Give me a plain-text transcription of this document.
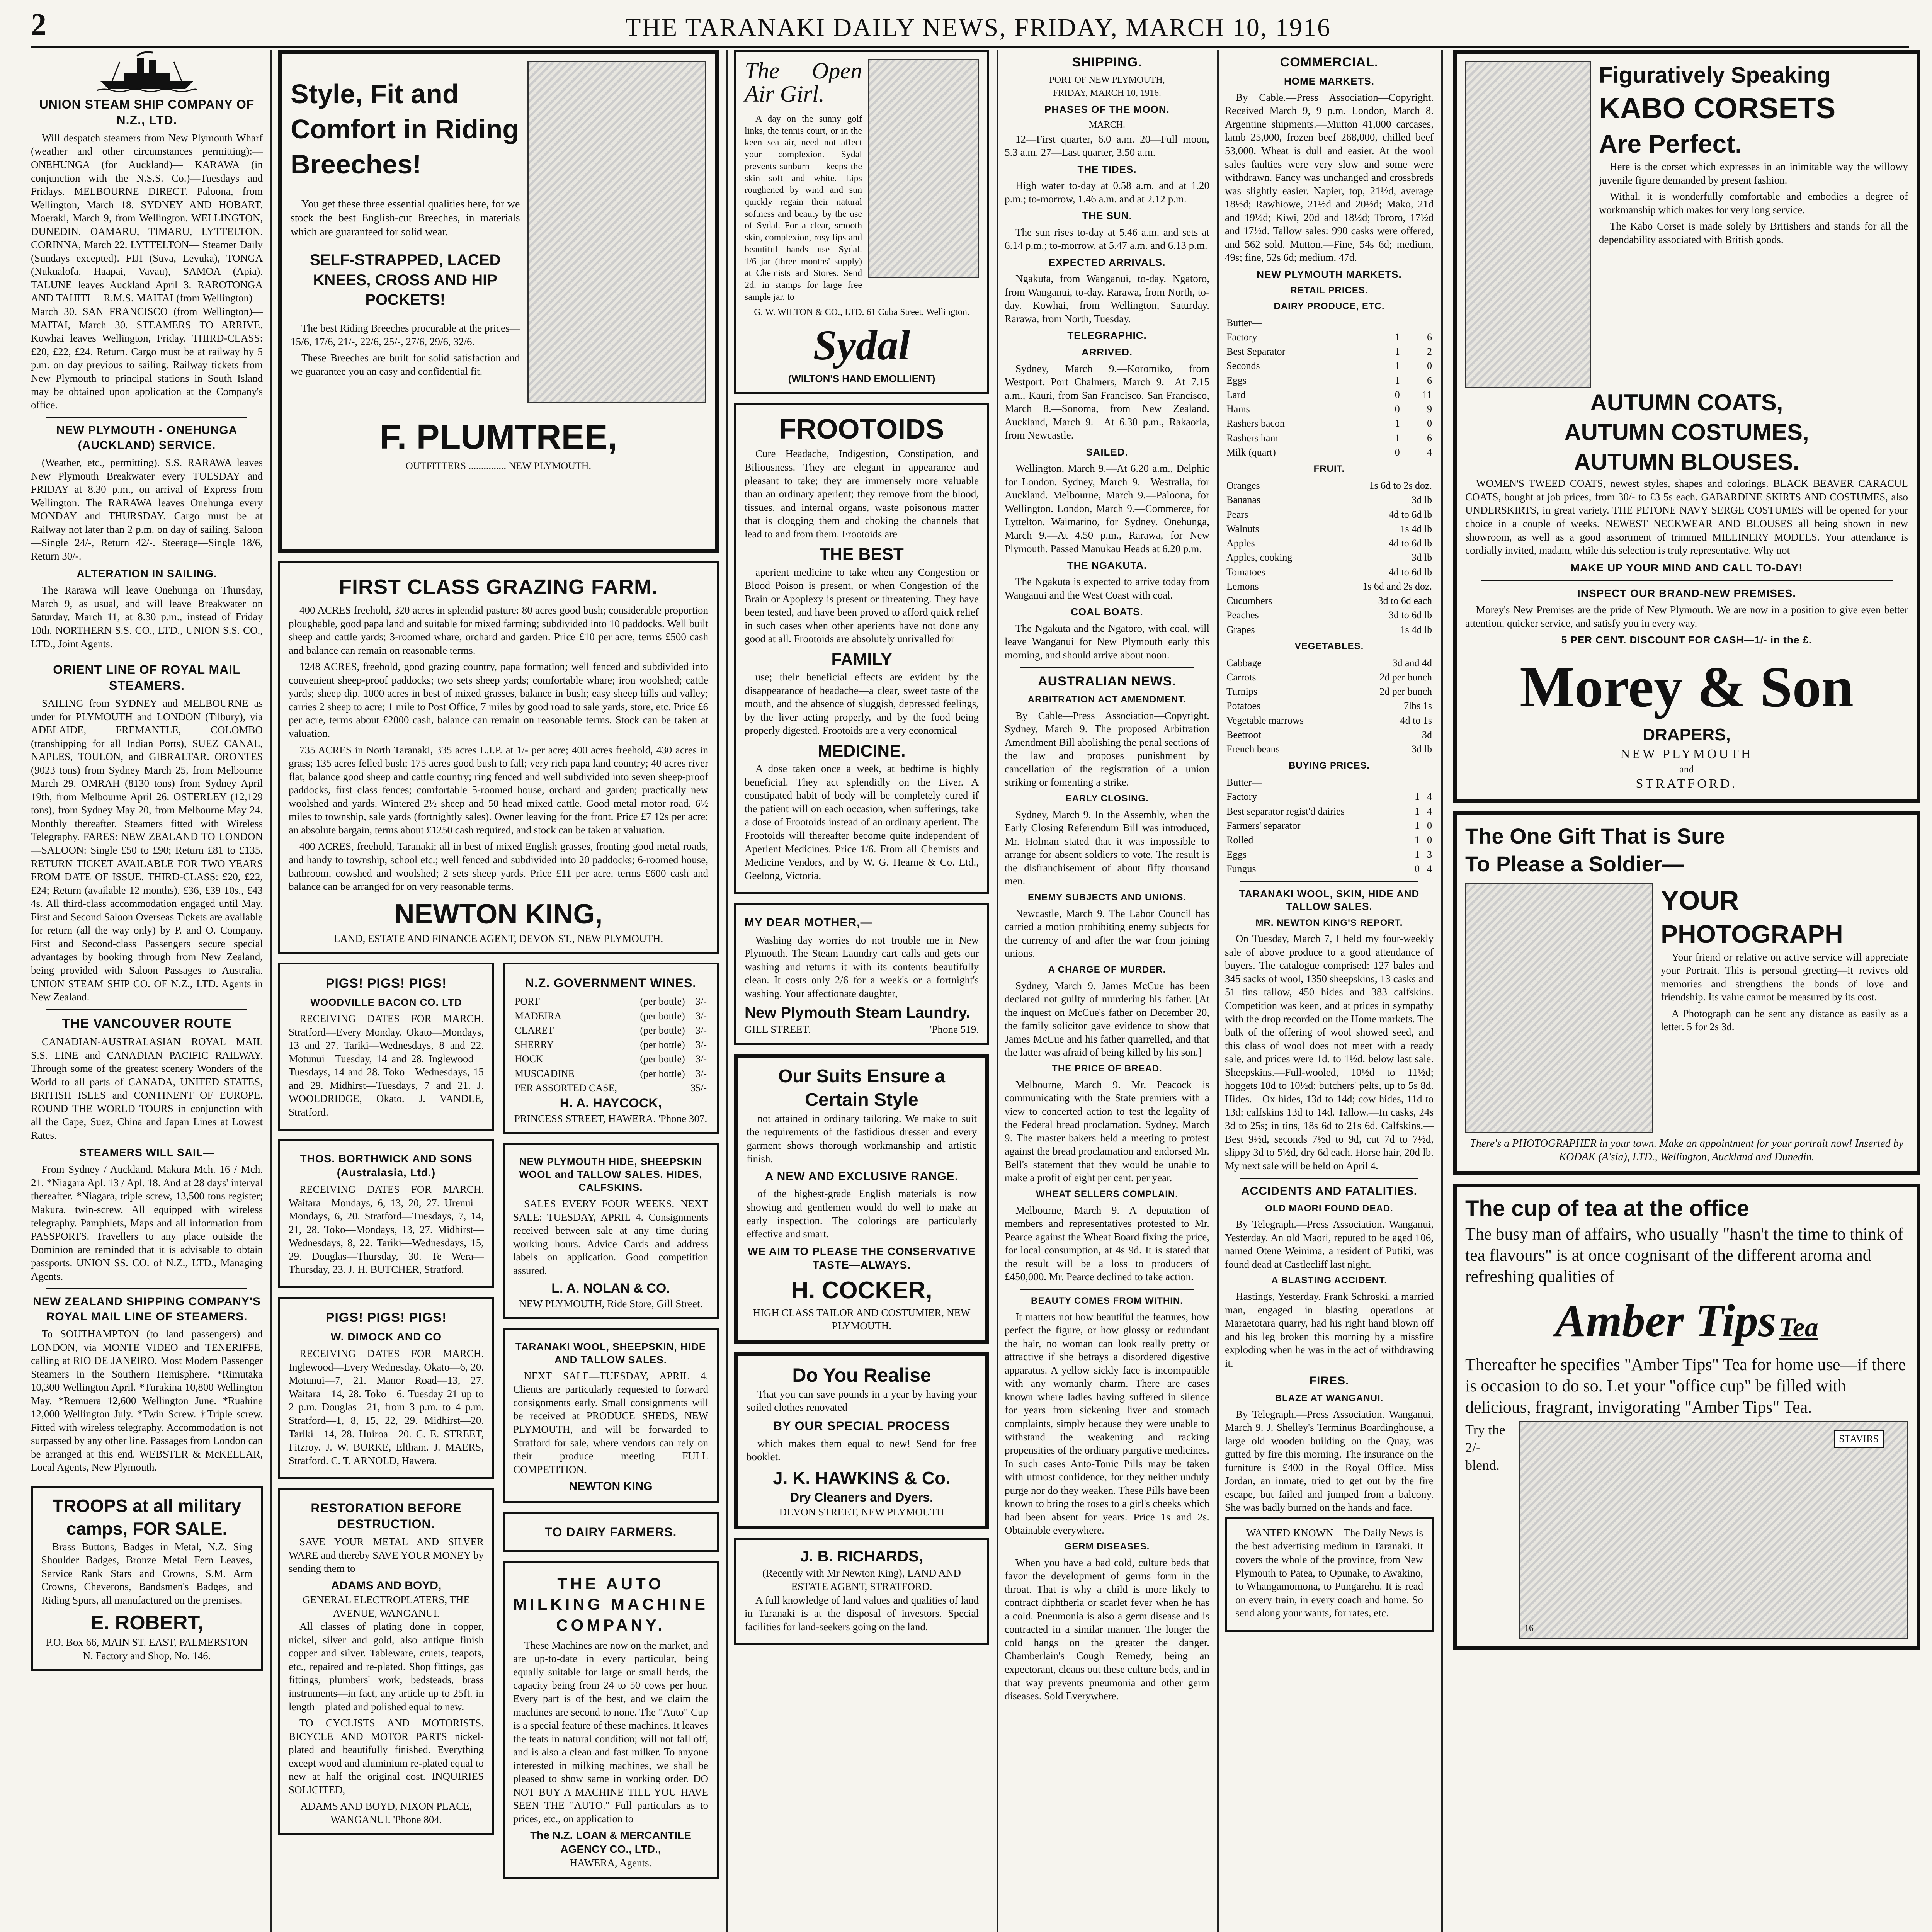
2	THE TARANAKI DAILY NEWS, FRIDAY, MARCH 10, 1916
UNION STEAM SHIP COMPANY OF N.Z., LTD.

Will despatch steamers from New Plymouth Wharf (weather and other circumstances permitting):— ONEHUNGA (for Auckland)— KARAWA (in conjunction with the N.S.S. Co.)—Tuesdays and Fridays. MELBOURNE DIRECT. Paloona, from Wellington, March 18. SYDNEY AND HOBART. Moeraki, March 9, from Wellington. WELLINGTON, DUNEDIN, OAMARU, TIMARU, LYTTELTON. CORINNA, March 22. LYTTELTON— Steamer Daily (Sundays excepted). FIJI (Suva, Levuka), TONGA (Nukualofa, Haapai, Vavau), SAMOA (Apia). TALUNE leaves Auckland April 3. RAROTONGA AND TAHITI— R.M.S. MAITAI (from Wellington)—March 30. SAN FRANCISCO (from Wellington)—MAITAI, March 30. STEAMERS TO ARRIVE. Kowhai leaves Wellington, Friday. THIRD-CLASS: £20, £22, £24. Return. Cargo must be at railway by 5 p.m. on day previous to sailing. Railway tickets from New Plymouth to principal stations in South Island may be obtained upon application at the Company's office.

NEW PLYMOUTH - ONEHUNGA (AUCKLAND) SERVICE.

(Weather, etc., permitting). S.S. RARAWA leaves New Plymouth Breakwater every TUESDAY and FRIDAY at 8.30 p.m., on arrival of Express from Wellington. The RARAWA leaves Onehunga every MONDAY and THURSDAY. Cargo must be at Railway not later than 2 p.m. on day of sailing. Saloon—Single 24/-, Return 42/-. Steerage—Single 18/6, Return 30/-.

ALTERATION IN SAILING.

The Rarawa will leave Onehunga on Thursday, March 9, as usual, and will leave Breakwater on Saturday, March 11, at 8.30 p.m., instead of Friday 10th. NORTHERN S.S. CO., LTD., UNION S.S. CO., LTD., Joint Agents.

ORIENT LINE OF ROYAL MAIL STEAMERS.

SAILING from SYDNEY and MELBOURNE as under for PLYMOUTH and LONDON (Tilbury), via ADELAIDE, FREMANTLE, COLOMBO (transhipping for all Indian Ports), SUEZ CANAL, NAPLES, TOULON, and GIBRALTAR. ORONTES (9023 tons) from Sydney March 25, from Melbourne March 29. OMRAH (8130 tons) from Sydney April 19th, from Melbourne April 26. OSTERLEY (12,129 tons), from Sydney May 20, from Melbourne May 24. Monthly thereafter. Steamers fitted with Wireless Telegraphy. FARES: NEW ZEALAND TO LONDON—SALOON: Single £50 to £90; Return £81 to £135. RETURN TICKET AVAILABLE FOR TWO YEARS FROM DATE OF ISSUE. THIRD-CLASS: £20, £22, £24; Return (available 12 months), £36, £39 10s., £43 4s. All third-class accommodation engaged until May. First and Second Saloon Overseas Tickets are available for return (all the way only) by P. and O. Company. First and Second-class Passengers secure special advantages by booking through from New Zealand, being provided with Saloon Passages to Australia. UNION STEAM SHIP CO. OF N.Z., LTD. Agents in New Zealand.

THE VANCOUVER ROUTE

CANADIAN-AUSTRALASIAN ROYAL MAIL S.S. LINE and CANADIAN PACIFIC RAILWAY. Through some of the greatest scenery Wonders of the World to all parts of CANADA, UNITED STATES, BRITISH ISLES and CONTINENT OF EUROPE. ROUND THE WORLD TOURS in conjunction with all the Cape, Suez, China and Japan Lines at Lowest Rates.

STEAMERS WILL SAIL—

From Sydney / Auckland. Makura Mch. 16 / Mch. 21. *Niagara Apl. 13 / Apl. 18. And at 28 days' interval thereafter. *Niagara, triple screw, 13,500 tons register; Makura, twin-screw. All equipped with wireless telegraphy. Pamphlets, Maps and all information from PASSPORTS. Travellers to any place outside the Dominion are reminded that it is advisable to obtain passports. UNION SS. CO. of N.Z., LTD., Managing Agents.

NEW ZEALAND SHIPPING COMPANY'S ROYAL MAIL LINE OF STEAMERS.

To SOUTHAMPTON (to land passengers) and LONDON, via MONTE VIDEO and TENERIFFE, calling at RIO DE JANEIRO. Most Modern Passenger Steamers in the Southern Hemisphere. *Rimutaka 10,300 Wellington April. *Turakina 10,800 Wellington May. *Remuera 12,600 Wellington June. *Ruahine 12,000 Wellington July. *Twin Screw. †Triple screw. Fitted with wireless telegraphy. Accommodation is not surpassed by any other line. Passages from London can be arranged at this end. WEBSTER & McKELLAR, Local Agents, New Plymouth.

TROOPS at all military camps, FOR SALE.

Brass Buttons, Badges in Metal, N.Z. Sing Shoulder Badges, Bronze Metal Fern Leaves, Service Rank Stars and Crowns, S.M. Arm Crowns, Cheverons, Bandsmen's Badges, and Riding Spurs, all manufactured on the premises.

E. ROBERT,
P.O. Box 66, MAIN ST. EAST, PALMERSTON N. Factory and Shop, No. 146.
Style, Fit and Comfort in Riding Breeches!

You get these three essential qualities here, for we stock the best English-cut Breeches, in materials which are guaranteed for solid wear.

SELF-STRAPPED, LACED KNEES, CROSS AND HIP POCKETS!

The best Riding Breeches procurable at the prices—15/6, 17/6, 21/-, 22/6, 25/-, 27/6, 29/6, 32/6.

These Breeches are built for solid satisfaction and we guarantee you an easy and confidential fit.

F. PLUMTREE,
OUTFITTERS ............... NEW PLYMOUTH.
FIRST CLASS GRAZING FARM.

400 ACRES freehold, 320 acres in splendid pasture: 80 acres good bush; considerable proportion ploughable, good papa land and suitable for mixed farming; subdivided into 10 paddocks. Well built sheep and cattle yards; 3-roomed whare, orchard and garden. Price £10 per acre, terms £500 cash and balance can remain on reasonable terms.

1248 ACRES, freehold, good grazing country, papa formation; well fenced and subdivided into convenient sheep-proof paddocks; two sets sheep yards; comfortable whare; iron woolshed; cattle yards; sheep dip. 1000 acres in best of mixed grasses, balance in bush; easy sheep hills and valley; carries 2 sheep to acre; 1 mile to Post Office, 7 miles by good road to sale yards, store, etc. Price £6 per acre, terms about £2000 cash, balance can remain on reasonable terms. Stock can be taken at valuation.

735 ACRES in North Taranaki, 335 acres L.I.P. at 1/- per acre; 400 acres freehold, 430 acres in grass; 135 acres felled bush; 175 acres good bush to fall; very rich papa land country; 40 acres river flat, balance good sheep and cattle country; ring fenced and well subdivided into seven sheep-proof paddocks, first class fences; comfortable 5-roomed house, orchard and garden; practically new woolshed and yards. Wintered 2½ sheep and 50 head mixed cattle. Good metal motor road, 6½ miles to township, sale yards (fortnightly sales). Owner leaving for the front. Price £7 12s per acre; an absolute bargain, terms about £1250 cash required, and stock can be taken at valuation.

400 ACRES, freehold, Taranaki; all in best of mixed English grasses, fronting good metal roads, and handy to township, school etc.; well fenced and subdivided into 20 paddocks; 6-roomed house, bathroom, cowshed and woolshed; 2 sets sheep yards. Price £11 per acre, terms £600 cash and balance can be arranged for on very reasonable terms.

NEWTON KING,
LAND, ESTATE AND FINANCE AGENT, DEVON ST., NEW PLYMOUTH.
PIGS! PIGS! PIGS!
WOODVILLE BACON CO. LTD

RECEIVING DATES FOR MARCH. Stratford—Every Monday. Okato—Mondays, 13 and 27. Tariki—Wednesdays, 8 and 22. Motunui—Tuesday, 14 and 28. Inglewood—Tuesdays, 14 and 28. Toko—Wednesdays, 15 and 29. Midhirst—Tuesdays, 7 and 21. J. WOOLDRIDGE, Okato. J. VANDLE, Stratford.

THOS. BORTHWICK AND SONS (Australasia, Ltd.)

RECEIVING DATES FOR MARCH. Waitara—Mondays, 6, 13, 20, 27. Urenui—Mondays, 6, 20. Stratford—Tuesdays, 7, 14, 21, 28. Toko—Mondays, 13, 27. Midhirst—Wednesdays, 8, 22. Tariki—Wednesdays, 15, 29. Douglas—Thursday, 30. Te Wera—Thursday, 23. J. H. BUTCHER, Stratford.

PIGS! PIGS! PIGS!
W. DIMOCK AND CO

RECEIVING DATES FOR MARCH. Inglewood—Every Wednesday. Okato—6, 20. Motunui—7, 21. Manor Road—13, 27. Waitara—14, 28. Toko—6. Tuesday 21 up to 2 p.m. Douglas—21, from 3 p.m. to 4 p.m. Stratford—1, 8, 15, 22, 29. Midhirst—20. Tariki—14, 28. Huiroa—20. C. E. STREET, Fitzroy. J. W. BURKE, Eltham. J. MAERS, Stratford. C. T. ARNOLD, Hawera.

RESTORATION BEFORE DESTRUCTION.

SAVE YOUR METAL AND SILVER WARE and thereby SAVE YOUR MONEY by sending them to

ADAMS AND BOYD,
GENERAL ELECTROPLATERS, THE AVENUE, WANGANUI.

All classes of plating done in copper, nickel, silver and gold, also antique finish copper and silver. Tableware, cruets, teapots, etc., repaired and re-plated. Shop fittings, gas fittings, plumbers' work, bedsteads, brass instruments—in fact, any article up to 25ft. in length—plated and polished equal to new.

TO CYCLISTS AND MOTORISTS. BICYCLE AND MOTOR PARTS nickel-plated and beautifully finished. Everything except wood and aluminium re-plated equal to new at half the original cost. INQUIRIES SOLICITED,

ADAMS AND BOYD, NIXON PLACE, WANGANUI. 'Phone 804.
N.Z. GOVERNMENT WINES.
PORT	(per bottle)	3/-
MADEIRA	(per bottle)	3/-
CLARET	(per bottle)	3/-
SHERRY	(per bottle)	3/-
HOCK	(per bottle)	3/-
MUSCADINE	(per bottle)	3/-
PER ASSORTED CASE,		35/-
H. A. HAYCOCK,
PRINCESS STREET, HAWERA. 'Phone 307.
NEW PLYMOUTH HIDE, SHEEPSKIN WOOL and TALLOW SALES. HIDES, CALFSKINS.

SALES EVERY FOUR WEEKS. NEXT SALE: TUESDAY, APRIL 4. Consignments received between sale at any time during working hours. Advice Cards and address labels on application. Good competition assured.

L. A. NOLAN & CO.
NEW PLYMOUTH, Ride Store, Gill Street.
TARANAKI WOOL, SHEEPSKIN, HIDE AND TALLOW SALES.

NEXT SALE—TUESDAY, APRIL 4. Clients are particularly requested to forward consignments early. Small consignments will be received at PRODUCE SHEDS, NEW PLYMOUTH, and will be forwarded to Stratford for sale, where vendors can rely on their produce meeting FULL COMPETITION.

NEWTON KING
TO DAIRY FARMERS.
THE AUTO MILKING MACHINE COMPANY.

These Machines are now on the market, and are up-to-date in every particular, being equally suitable for large or small herds, the capacity being from 24 to 50 cows per hour. Every part is of the best, and we claim the machines are second to none. The "Auto" Cup is a special feature of these machines. It leaves the teats in natural condition; will not fall off, and is also a clean and fast milker. To anyone interested in milking machines, we shall be pleased to show same in working order. DO NOT BUY A MACHINE TILL YOU HAVE SEEN THE "AUTO." Full particulars as to prices, etc., on application to

The N.Z. LOAN & MERCANTILE AGENCY CO., LTD.,
HAWERA, Agents.
The Open Air Girl.

A day on the sunny golf links, the tennis court, or in the keen sea air, need not affect your complexion. Sydal prevents sunburn — keeps the skin soft and white. Lips roughened by wind and sun quickly regain their natural softness and beauty by the use of Sydal. For a clear, smooth skin, complexion, rosy lips and beautiful hands—use Sydal. 1/6 jar (three months' supply) at Chemists and Stores. Send 2d. in stamps for large free sample jar, to

G. W. WILTON & CO., LTD. 61 Cuba Street, Wellington.
Sydal
(WILTON'S HAND EMOLLIENT)
FROOTOIDS

Cure Headache, Indigestion, Constipation, and Biliousness. They are elegant in appearance and pleasant to take; they are immensely more valuable than an ordinary aperient; they remove from the blood, tissues, and internal organs, waste poisonous matter that is clogging them and choking the channels that lead to and from them. Frootoids are

THE BEST

aperient medicine to take when any Congestion or Blood Poison is present, or when Congestion of the Brain or Apoplexy is present or threatening. They have been tested, and have been proved to afford quick relief in such cases when other aperients have not done any good at all. Frootoids are absolutely unrivalled for

FAMILY

use; their beneficial effects are evident by the disappearance of headache—a clear, sweet taste of the mouth, and the absence of sluggish, depressed feelings, by the liver acting properly, and by the food being properly digested. Frootoids are a very economical

MEDICINE.

A dose taken once a week, at bedtime is highly beneficial. They act splendidly on the Liver. A constipated habit of body will be completely cured if the patient will on each occasion, when sufferings, take a dose of Frootoids instead of an ordinary aperient. The Frootoids will thereafter become quite independent of Aperient Medicines. Price 1/6. From all Chemists and Medicine Vendors, and by W. G. Hearne & Co. Ltd., Geelong, Victoria.

MY DEAR MOTHER,—

Washing day worries do not trouble me in New Plymouth. The Steam Laundry cart calls and gets our washing and returns it with its contents beautifully clean. It costs only 2/6 for a week's or a fortnight's washing. Your affectionate daughter,

New Plymouth Steam Laundry.
GILL STREET.	'Phone 519.
Our Suits Ensure a Certain Style

not attained in ordinary tailoring. We make to suit the requirements of the fastidious dresser and every garment shows thorough workmanship and artistic finish.

A NEW AND EXCLUSIVE RANGE.

of the highest-grade English materials is now showing and gentlemen would do well to make an early inspection. The colorings are particularly effective and smart.

WE AIM TO PLEASE THE CONSERVATIVE TASTE—ALWAYS.
H. COCKER,
HIGH CLASS TAILOR AND COSTUMIER, NEW PLYMOUTH.
Do You Realise

That you can save pounds in a year by having your soiled clothes renovated

BY OUR SPECIAL PROCESS

which makes them equal to new! Send for free booklet.

J. K. HAWKINS & Co.
Dry Cleaners and Dyers.
DEVON STREET, NEW PLYMOUTH
J. B. RICHARDS,
(Recently with Mr Newton King), LAND AND ESTATE AGENT, STRATFORD.

A full knowledge of land values and qualities of land in Taranaki is at the disposal of investors. Special facilities for land-seekers going on the land.

SHIPPING.
PORT OF NEW PLYMOUTH,
FRIDAY, MARCH 10, 1916.
PHASES OF THE MOON.
MARCH.

12—First quarter, 6.0 a.m. 20—Full moon, 5.3 a.m. 27—Last quarter, 3.50 a.m.

THE TIDES.

High water to-day at 0.58 a.m. and at 1.20 p.m.; to-morrow, 1.46 a.m. and at 2.12 p.m.

THE SUN.

The sun rises to-day at 5.46 a.m. and sets at 6.14 p.m.; to-morrow, at 5.47 a.m. and 6.13 p.m.

EXPECTED ARRIVALS.

Ngakuta, from Wanganui, to-day. Ngatoro, from Wanganui, to-day. Rarawa, from North, to-day. Kowhai, from Wellington, Saturday. Rarawa, from North, Tuesday.

TELEGRAPHIC.
ARRIVED.

Sydney, March 9.—Koromiko, from Westport. Port Chalmers, March 9.—At 7.15 a.m., Kauri, from San Francisco. San Francisco, March 8.—Sonoma, from New Zealand. Auckland, March 9.—At 6.30 p.m., Rakaoria, from Newcastle.

SAILED.

Wellington, March 9.—At 6.20 a.m., Delphic for London. Sydney, March 9.—Westralia, for Auckland. Melbourne, March 9.—Paloona, for Wellington. London, March 9.—Commerce, for Lyttelton. Waimarino, for Sydney. Onehunga, March 9.—At 4.50 p.m., Rarawa, for New Plymouth. Passed Manukau Heads at 6.20 p.m.

THE NGAKUTA.

The Ngakuta is expected to arrive today from Wanganui and the West Coast with coal.

COAL BOATS.

The Ngakuta and the Ngatoro, with coal, will leave Wanganui for New Plymouth early this morning, and should arrive about noon.

AUSTRALIAN NEWS.
ARBITRATION ACT AMENDMENT.

By Cable—Press Association—Copyright. Sydney, March 9. The proposed Arbitration Amendment Bill abolishing the penal sections of the law and proposes punishment by cancellation of the registration of a union striking or fomenting a strike.

EARLY CLOSING.

Sydney, March 9. In the Assembly, when the Early Closing Referendum Bill was introduced, Mr. Holman stated that it was impossible to arrange for absent soldiers to vote. The result is the disfranchisement of about fifty thousand men.

ENEMY SUBJECTS AND UNIONS.

Newcastle, March 9. The Labor Council has carried a motion prohibiting enemy subjects for the currency of and after the war from joining unions.

A CHARGE OF MURDER.

Sydney, March 9. James McCue has been declared not guilty of murdering his father. [At the inquest on McCue's father on December 20, the family solicitor gave evidence to show that James McCue and his father quarrelled, and that the latter was afraid of being killed by his son.]

THE PRICE OF BREAD.

Melbourne, March 9. Mr. Peacock is communicating with the State premiers with a view to concerted action to test the legality of the Federal bread proclamation. Sydney, March 9. The master bakers held a meeting to protest against the bread proclamation and endorsed Mr. Bell's statement that they would be unable to make a profit of eight per cent. per year.

WHEAT SELLERS COMPLAIN.

Melbourne, March 9. A deputation of members and representatives protested to Mr. Pearce against the Wheat Board fixing the price, for local consumption, at 4s 9d. It is stated that the result will be a loss to producers of £450,000. Mr. Pearce declined to take action.

BEAUTY COMES FROM WITHIN.

It matters not how beautiful the features, how perfect the figure, or how glossy or redundant the hair, no woman can look really pretty or attractive if she betrays a disordered digestive apparatus. A yellow sickly face is incompatible with any womanly charm. There are cases known where ladies having suffered in silence for years from sickening liver and stomach complaints, simply because they were unable to withstand the weakening and racking propensities of the ordinary purgative medicines. In such cases Anto-Tonic Pills may be taken with utmost confidence, for they neither unduly purge nor do they weaken. These Pills have been known to bring the roses to a girl's cheeks which had been absent for years. Price 1s and 2s. Obtainable everywhere.

GERM DISEASES.

When you have a bad cold, culture beds that favor the development of germs form in the throat. That is why a child is more likely to contract diphtheria or scarlet fever when he has a cold. Pneumonia is also a germ disease and is contracted in a similar manner. The longer the cold hangs on the greater the danger. Chamberlain's Cough Remedy, being an expectorant, cleans out these culture beds, and in that way prevents pneumonia and other germ diseases. Sold Everywhere.

COMMERCIAL.
HOME MARKETS.

By Cable.—Press Association—Copyright. Received March 9, 9 p.m. London, March 8. Argentine shipments.—Mutton 41,000 carcases, lamb 25,000, frozen beef 268,000, chilled beef 53,000. Wheat is dull and easier. At the wool sales faulties were very slow and some were withdrawn. Fancy was unchanged and crossbreds was slightly easier. Napier, top, 21½d, average 18½d; Rawhiowe, 21½d and 20½d; Mako, 21d and 19½d; Kiwi, 20d and 18½d; Tororo, 17½d and 17½d. Tallow sales: 990 casks were offered, and 562 sold. Mutton.—Fine, 54s 6d; medium, 49s; fine, 52s 6d; medium, 47d.

NEW PLYMOUTH MARKETS.
RETAIL PRICES.
DAIRY PRODUCE, ETC.
Butter—		
Factory	1	6
Best Separator	1	2
Seconds	1	0
Eggs	1	6
Lard	0	11
Hams	0	9
Rashers bacon	1	0
Rashers ham	1	6
Milk (quart)	0	4
FRUIT.
Oranges	1s 6d to 2s doz.
Bananas	3d lb
Pears	4d to 6d lb
Walnuts	1s 4d lb
Apples	4d to 6d lb
Apples, cooking	3d lb
Tomatoes	4d to 6d lb
Lemons	1s 6d and 2s doz.
Cucumbers	3d to 6d each
Peaches	3d to 6d lb
Grapes	1s 4d lb
VEGETABLES.
Cabbage	3d and 4d
Carrots	2d per bunch
Turnips	2d per bunch
Potatoes	7lbs 1s
Vegetable marrows	4d to 1s
Beetroot	3d
French beans	3d lb
BUYING PRICES.
Butter—		
Factory	1	4
Best separator regist'd dairies	1	4
Farmers' separator	1	0
Rolled	1	0
Eggs	1	3
Fungus	0	4
TARANAKI WOOL, SKIN, HIDE AND TALLOW SALES.
MR. NEWTON KING'S REPORT.

On Tuesday, March 7, I held my four-weekly sale of above produce to a good attendance of buyers. The catalogue comprised: 127 bales and 345 sacks of wool, 1350 sheepskins, 13 casks and 51 tins tallow, 450 hides and 383 calfskins. Competition was keen, and at prices in sympathy with the drop recorded on the Home markets. The bulk of the offering of wool showed seed, and this class of wool does not meet with a ready sale, and prices were 1d. to 1½d. below last sale. Sheepskins.—Full-wooled, 10½d to 11½d; hoggets 10d to 10½d; butchers' pelts, up to 5s 8d. Hides.—Ox hides, 13d to 14d; cow hides, 11d to 13d; calfskins 13d to 14d. Tallow.—In casks, 24s 3d to 25s; in tins, 18s 6d to 21s 6d. Calfskins.—Best 9½d, seconds 7½d to 9d, cut 7d to 7½d, slippy 3d to 5½d, dry 6d each. Horse hair, 20d lb. My next sale will be held on April 4.

ACCIDENTS AND FATALITIES.
OLD MAORI FOUND DEAD.

By Telegraph.—Press Association. Wanganui, Yesterday. An old Maori, reputed to be aged 106, named Otene Weinima, a resident of Putiki, was found dead at Castlecliff last night.

A BLASTING ACCIDENT.

Hastings, Yesterday. Frank Schroski, a married man, engaged in blasting operations at Maraetotara quarry, had his right hand blown off and his leg broken this morning by a missfire exploding when he was in the act of withdrawing it.

FIRES.
BLAZE AT WANGANUI.

By Telegraph.—Press Association. Wanganui, March 9. J. Shelley's Terminus Boardinghouse, a large old wooden building on the Quay, was gutted by fire this morning. The insurance on the furniture is £400 in the Royal Office. Miss Jordan, an inmate, tried to get out by the fire escape, but failed and jumped from a balcony. She was badly burned on the hands and face.

WANTED KNOWN—The Daily News is the best advertising medium in Taranaki. It covers the whole of the province, from New Plymouth to Patea, to Opunake, to Awakino, to Whangamomona, to Pungarehu. It is read on every train, in every coach and home. So send along your wants, for rates, etc.

Figuratively Speaking
KABO CORSETS
Are Perfect.

Here is the corset which expresses in an inimitable way the willowy juvenile figure demanded by present fashion.

Withal, it is wonderfully comfortable and embodies a degree of workmanship which makes for very long service.

The Kabo Corset is made solely by Britishers and stands for all the dependability associated with British goods.

AUTUMN COATS,
AUTUMN COSTUMES,
AUTUMN BLOUSES.

WOMEN'S TWEED COATS, newest styles, shapes and colorings. BLACK BEAVER CARACUL COATS, bought at job prices, from 30/- to £3 5s each. GABARDINE SKIRTS AND COSTUMES, also UNDERSKIRTS, in great variety. THE PETONE NAVY SERGE COSTUMES will be opened for your choice in a couple of weeks. NEWEST NECKWEAR AND BLOUSES all being shown in new showroom, as well as a good assortment of trimmed MILLINERY MODELS. Your attendance is cordially invited, madam, while this selection is truly representative. Why not

MAKE UP YOUR MIND AND CALL TO-DAY!
INSPECT OUR BRAND-NEW PREMISES.

Morey's New Premises are the pride of New Plymouth. We are now in a position to give even better attention, quicker service, and satisfy you in every way.

5 PER CENT. DISCOUNT FOR CASH—1/- in the £.
Morey & Son
DRAPERS,
NEW PLYMOUTH
and
STRATFORD.
The One Gift That is Sure
To Please a Soldier—
YOUR
PHOTOGRAPH

Your friend or relative on active service will appreciate your Portrait. This is personal greeting—it revives old memories and strengthens the bonds of love and friendship. Its value cannot be measured by its cost.

A Photograph can be sent any distance as easily as a letter. 5 for 2s 3d.

There's a PHOTOGRAPHER in your town. Make an appointment for your portrait now! Inserted by KODAK (A'sia), LTD., Wellington, Auckland and Dunedin.
The cup of tea at the office

The busy man of affairs, who usually "hasn't the time to think of tea flavours" is at once cognisant of the different aroma and refreshing qualities of

Amber Tips Tea

Thereafter he specifies "Amber Tips" Tea for home use—if there is occasion to do so. Let your "office cup" be filled with delicious, fragrant, invigorating "Amber Tips" Tea.

Try the
2/- blend.
STAVIRS
16
